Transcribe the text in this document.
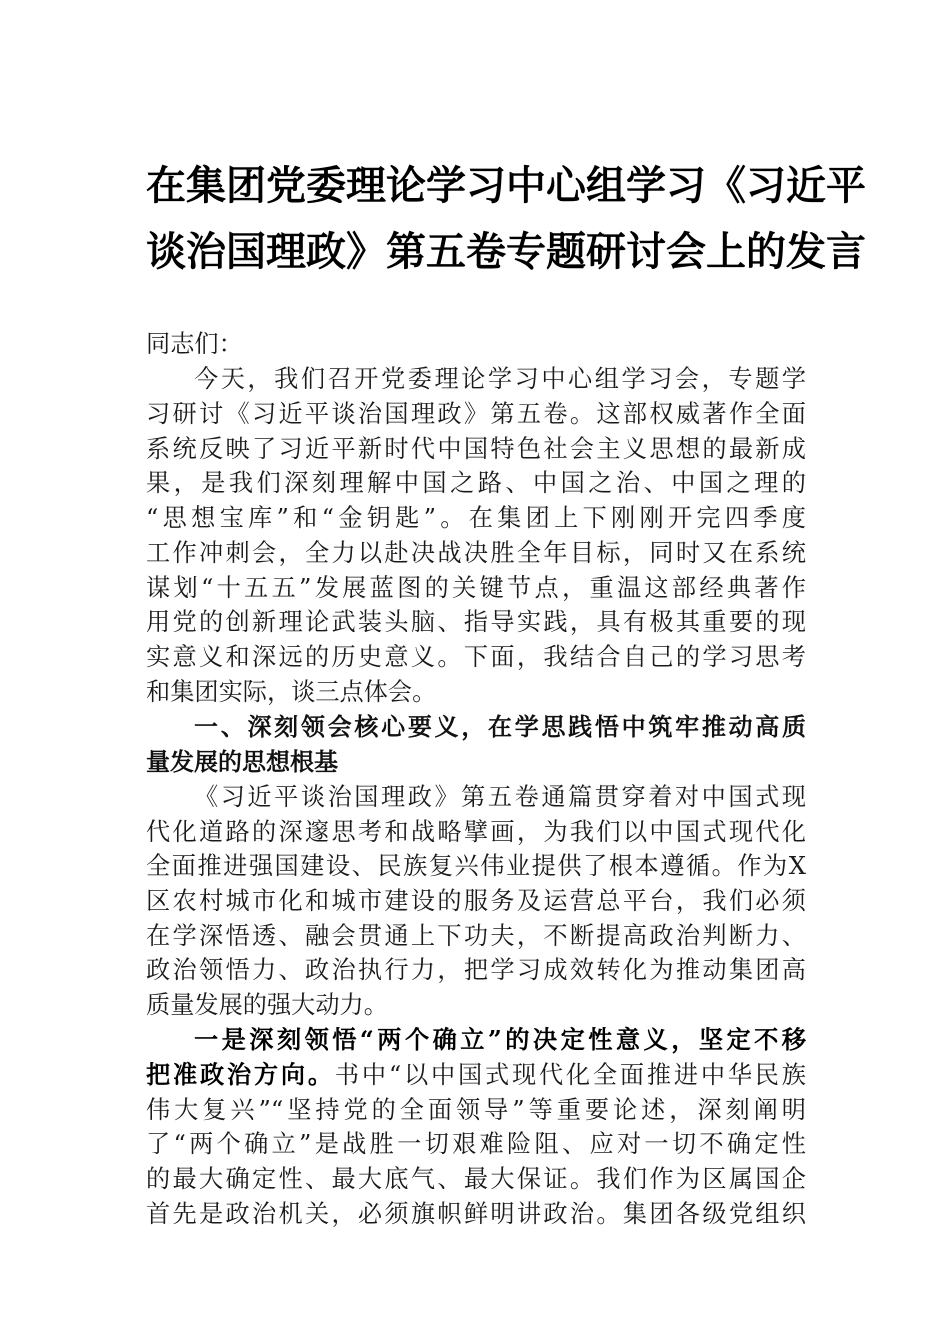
在集团党委理论学习中心组学习《习近平
谈治国理政》第五卷专题研讨会上的发言
同志们：
今天，我们召开党委理论学习中心组学习会，专题学
习研讨《习近平谈治国理政》第五卷。这部权威著作全面
系统反映了习近平新时代中国特色社会主义思想的最新成
果，是我们深刻理解中国之路、中国之治、中国之理的
“思想宝库”和“金钥匙”。在集团上下刚刚开完四季度
工作冲刺会，全力以赴决战决胜全年目标，同时又在系统
谋划“十五五”发展蓝图的关键节点，重温这部经典著作
用党的创新理论武装头脑、指导实践，具有极其重要的现
实意义和深远的历史意义。下面，我结合自己的学习思考
和集团实际，谈三点体会。
一、深刻领会核心要义，在学思践悟中筑牢推动高质
量发展的思想根基
《习近平谈治国理政》第五卷通篇贯穿着对中国式现
代化道路的深邃思考和战略擘画，为我们以中国式现代化
全面推进强国建设、民族复兴伟业提供了根本遵循。作为X
区农村城市化和城市建设的服务及运营总平台，我们必须
在学深悟透、融会贯通上下功夫，不断提高政治判断力、
政治领悟力、政治执行力，把学习成效转化为推动集团高
质量发展的强大动力。
一是深刻领悟“两个确立”的决定性意义，坚定不移
把准政治方向。书中“以中国式现代化全面推进中华民族
伟大复兴”“坚持党的全面领导”等重要论述，深刻阐明
了“两个确立”是战胜一切艰难险阻、应对一切不确定性
的最大确定性、最大底气、最大保证。我们作为区属国企
首先是政治机关，必须旗帜鲜明讲政治。集团各级党组织
